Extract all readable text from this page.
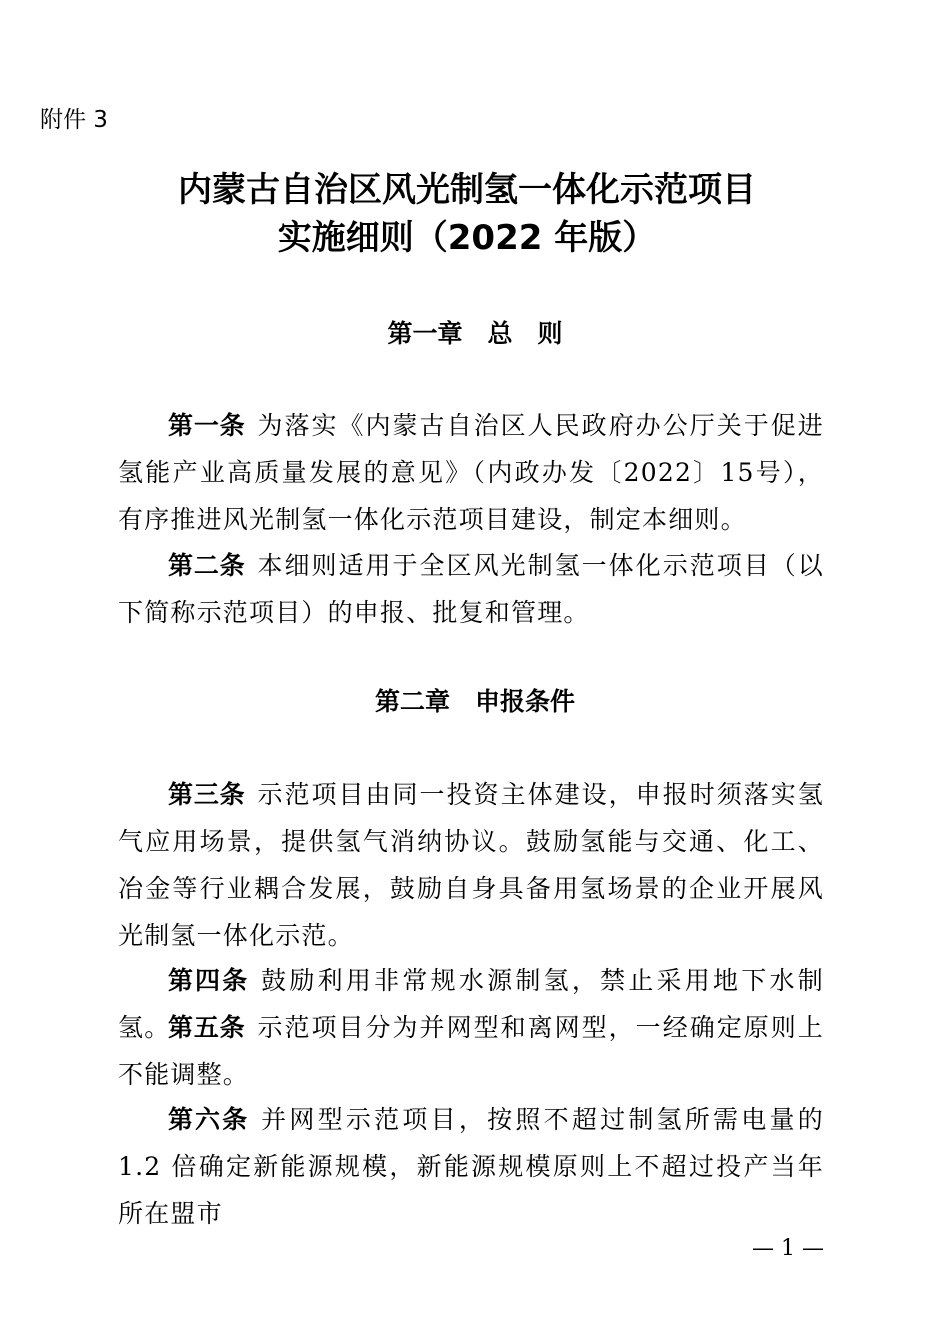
附件 3
内蒙古自治区风光制氢一体化示范项目
实施细则（2022 年版）
第一章　总　则

第一条 为落实《内蒙古自治区人民政府办公厅关于促进氢能产业高质量发展的意见》（内政办发〔2022〕15号），有序推进风光制氢一体化示范项目建设，制定本细则。

第二条 本细则适用于全区风光制氢一体化示范项目（以下简称示范项目）的申报、批复和管理。

第二章　申报条件

第三条 示范项目由同一投资主体建设，申报时须落实氢气应用场景，提供氢气消纳协议。鼓励氢能与交通、化工、冶金等行业耦合发展，鼓励自身具备用氢场景的企业开展风光制氢一体化示范。

第四条 鼓励利用非常规水源制氢，禁止采用地下水制氢。

第五条 示范项目分为并网型和离网型，一经确定原则上不能调整。

第六条 并网型示范项目，按照不超过制氢所需电量的 1.2 倍确定新能源规模，新能源规模原则上不超过投产当年所在盟市

— 1 —
